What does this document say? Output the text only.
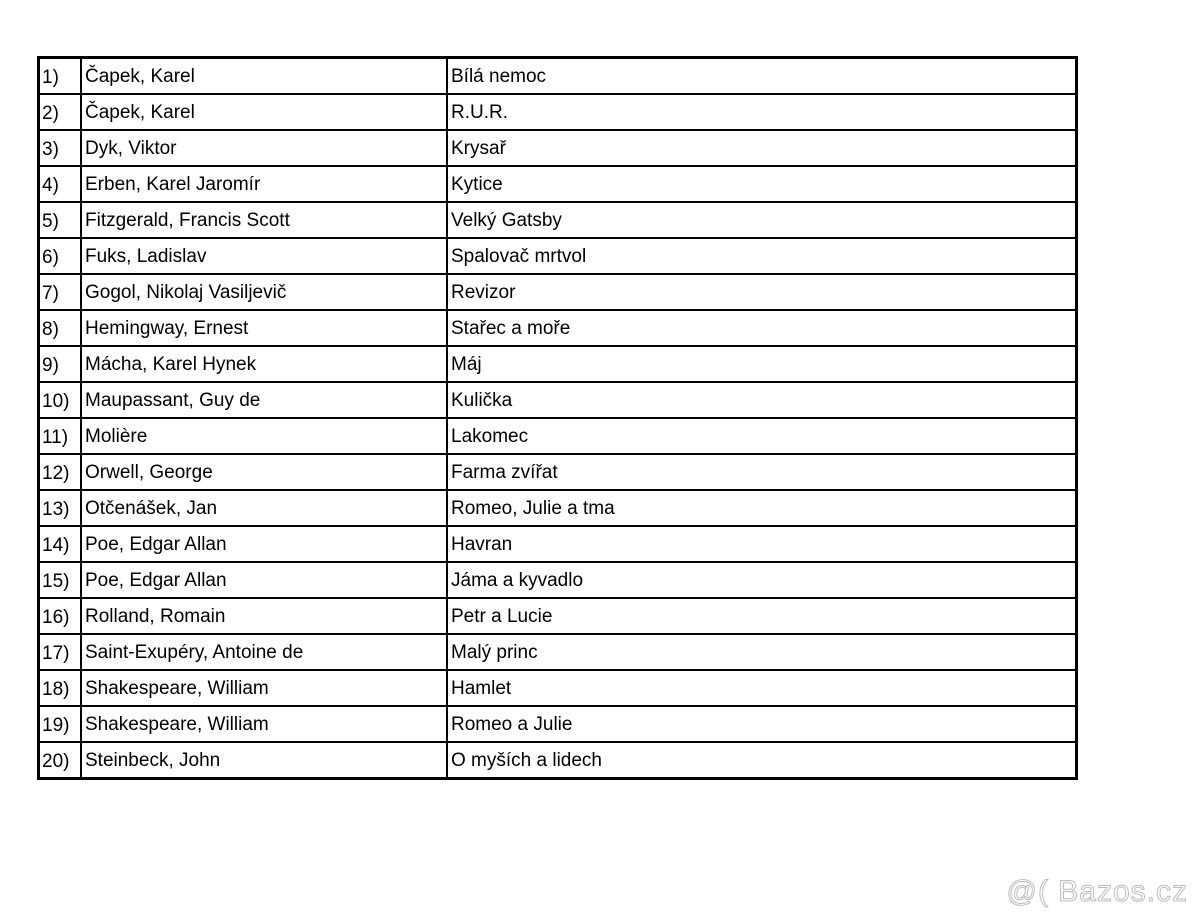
1)	Čapek, Karel	Bílá nemoc
2)	Čapek, Karel	R.U.R.
3)	Dyk, Viktor	Krysař
4)	Erben, Karel Jaromír	Kytice
5)	Fitzgerald, Francis Scott	Velký Gatsby
6)	Fuks, Ladislav	Spalovač mrtvol
7)	Gogol, Nikolaj Vasiljevič	Revizor
8)	Hemingway, Ernest	Stařec a moře
9)	Mácha, Karel Hynek	Máj
10)	Maupassant, Guy de	Kulička
11)	Molière	Lakomec
12)	Orwell, George	Farma zvířat
13)	Otčenášek, Jan	Romeo, Julie a tma
14)	Poe, Edgar Allan	Havran
15)	Poe, Edgar Allan	Jáma a kyvadlo
16)	Rolland, Romain	Petr a Lucie
17)	Saint-Exupéry, Antoine de	Malý princ
18)	Shakespeare, William	Hamlet
19)	Shakespeare, William	Romeo a Julie
20)	Steinbeck, John	O myších a lidech
@( Bazos.cz
